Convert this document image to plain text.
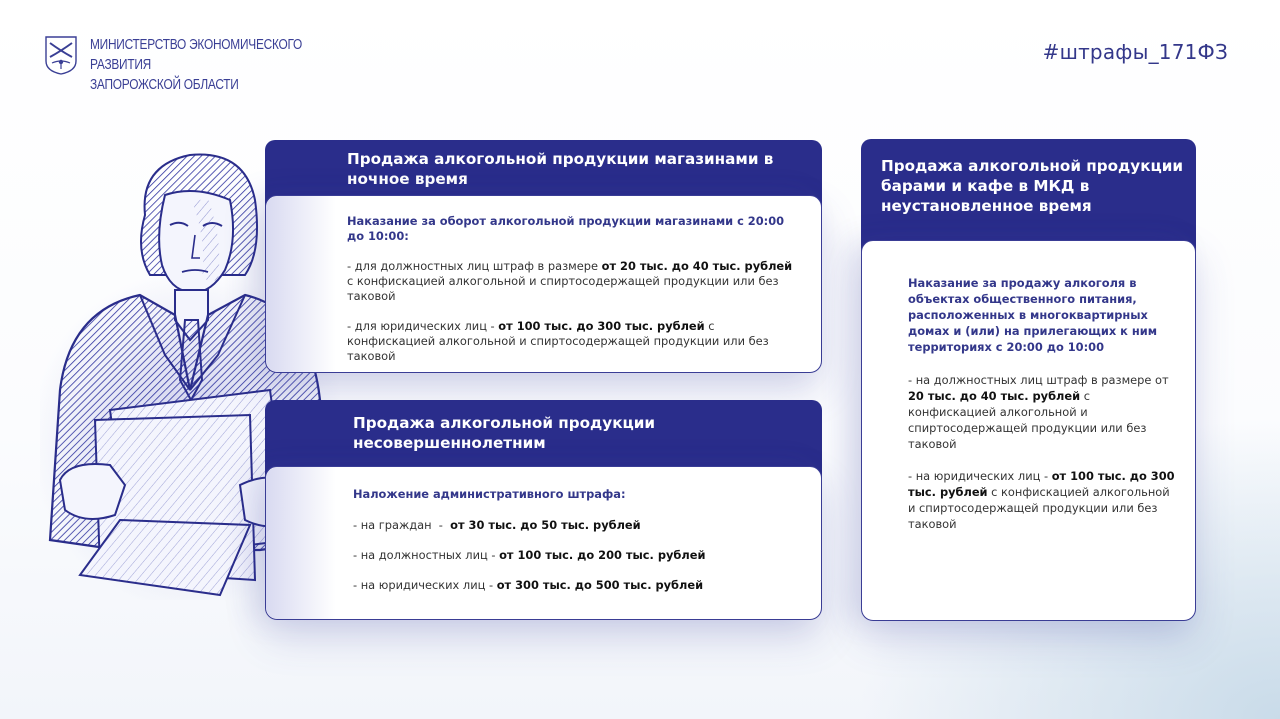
МИНИСТЕРСТВО ЭКОНОМИЧЕСКОГО РАЗВИТИЯ
ЗАПОРОЖСКОЙ ОБЛАСТИ
#штрафы_171ФЗ
Продажа алкогольной продукции магазинами в ночное время
Наказание за оборот алкогольной продукции магазинами с 20:00 до 10:00:
- для должностных лиц штраф в размере от 20 тыс. до 40 тыс. рублей с конфискацией алкогольной и спиртосодержащей продукции или без таковой
- для юридических лиц - от 100 тыс. до 300 тыс. рублей с конфискацией алкогольной и спиртосодержащей продукции или без таковой
Продажа алкогольной продукции несовершеннолетним
Наложение административного штрафа:
- на граждан  -  от 30 тыс. до 50 тыс. рублей
- на должностных лиц - от 100 тыс. до 200 тыс. рублей
- на юридических лиц - от 300 тыс. до 500 тыс. рублей
Продажа алкогольной продукции барами и кафе в МКД в неустановленное время
Наказание за продажу алкоголя в объектах общественного питания, расположенных в многоквартирных домах и (или) на прилегающих к ним территориях с 20:00 до 10:00
- на должностных лиц штраф в размере от 20 тыс. до 40 тыс. рублей с конфискацией алкогольной и спиртосодержащей продукции или без таковой
- на юридических лиц - от 100 тыс. до 300 тыс. рублей с конфискацией алкогольной и спиртосодержащей продукции или без таковой
